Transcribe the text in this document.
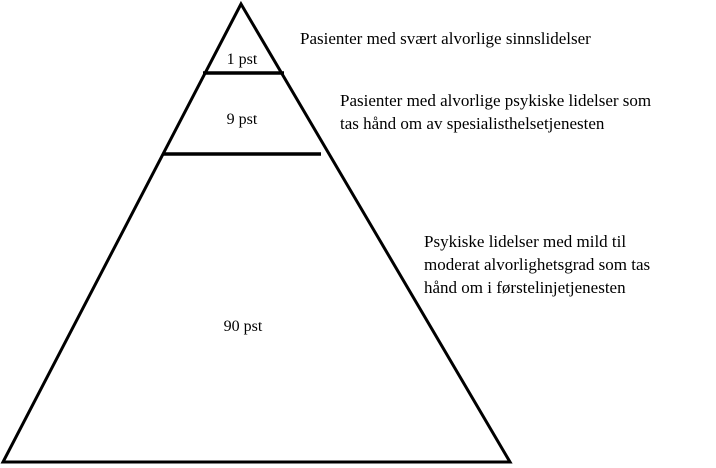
1 pst
9 pst
90 pst

Pasienter med svært alvorlige sinnslidelser

Pasienter med alvorlige psykiske lidelser som
tas hånd om av spesialisthelsetjenesten

Psykiske lidelser med mild til
moderat alvorlighetsgrad som tas
hånd om i førstelinjetjenesten
